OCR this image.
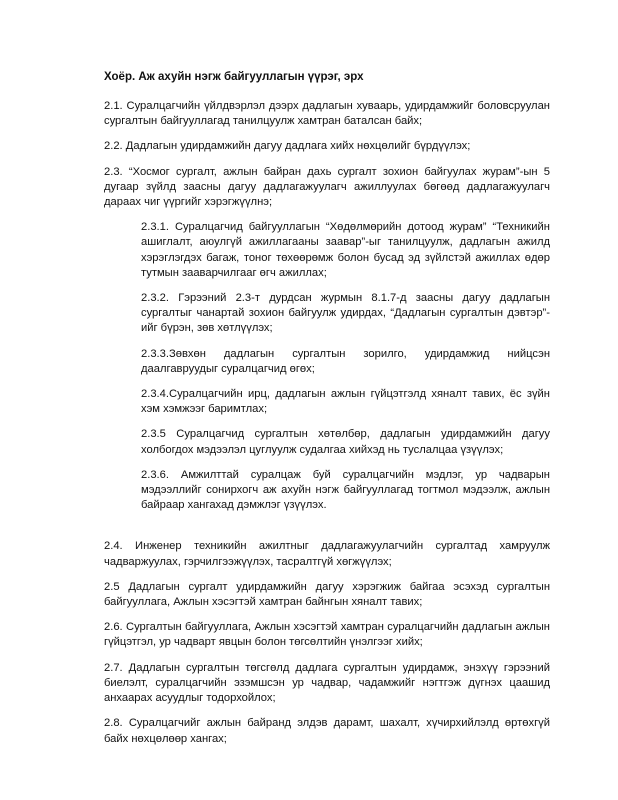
Хоёр. Аж ахуйн нэгж байгууллагын үүрэг, эрх

2.1. Суралцагчийн үйлдвэрлэл дээрх дадлагын хуваарь, удирдамжийг боловсруулан сургалтын байгууллагад танилцуулж хамтран баталсан байх;

2.2. Дадлагын удирдамжийн дагуу дадлага хийх нөхцөлийг бүрдүүлэх;

2.3. “Хосмог сургалт, ажлын байран дахь сургалт зохион байгуулах журам”-ын 5 дугаар зүйлд заасны дагуу дадлагажуулагч ажиллуулах бөгөөд дадлагажуулагч дараах чиг үүргийг хэрэгжүүлнэ;

2.3.1. Суралцагчид байгууллагын “Хөдөлмөрийн дотоод журам” “Техникийн ашиглалт, аюулгүй ажиллагааны заавар”-ыг танилцуулж, дадлагын ажилд хэрэглэгдэх багаж, тоног төхөөрөмж болон бусад эд зүйлстэй ажиллах өдөр тутмын зааварчилгааг өгч ажиллах;

2.3.2. Гэрээний 2.3-т дурдсан журмын 8.1.7-д заасны дагуу дадлагын сургалтыг чанартай зохион байгуулж удирдах, “Дадлагын сургалтын дэвтэр”-ийг бүрэн, зөв хөтлүүлэх;

2.3.3.Зөвхөн дадлагын сургалтын зорилго, удирдамжид нийцсэн даалгавруудыг суралцагчид өгөх;

2.3.4.Суралцагчийн ирц, дадлагын ажлын гүйцэтгэлд хяналт тавих, ёс зүйн хэм хэмжээг баримтлах;

2.3.5 Суралцагчид сургалтын хөтөлбөр, дадлагын удирдамжийн дагуу холбогдох мэдээлэл цуглуулж судалгаа хийхэд нь туслалцаа үзүүлэх;

2.3.6. Амжилттай суралцаж буй суралцагчийн мэдлэг, ур чадварын мэдээллийг сонирхогч аж ахуйн нэгж байгууллагад тогтмол мэдээлж, ажлын байраар хангахад дэмжлэг үзүүлэх.

2.4. Инженер техникийн ажилтныг дадлагажуулагчийн сургалтад хамруулж чадваржуулах, гэрчилгээжүүлэх, тасралтгүй хөгжүүлэх;

2.5 Дадлагын сургалт удирдамжийн дагуу хэрэгжиж байгаа эсэхэд сургалтын байгууллага, Ажлын хэсэгтэй хамтран байнгын хяналт тавих;

2.6. Сургалтын байгууллага, Ажлын хэсэгтэй хамтран суралцагчийн дадлагын ажлын гүйцэтгэл, ур чадварт явцын болон төгсөлтийн үнэлгээг хийх;

2.7. Дадлагын сургалтын төгсгөлд дадлага сургалтын удирдамж, энэхүү гэрээний биелэлт, суралцагчийн эзэмшсэн ур чадвар, чадамжийг нэгтгэж дүгнэх цаашид анхаарах асуудлыг тодорхойлох;

2.8. Суралцагчийг ажлын байранд элдэв дарамт, шахалт, хүчирхийлэлд өртөхгүй байх нөхцөлөөр хангах;
